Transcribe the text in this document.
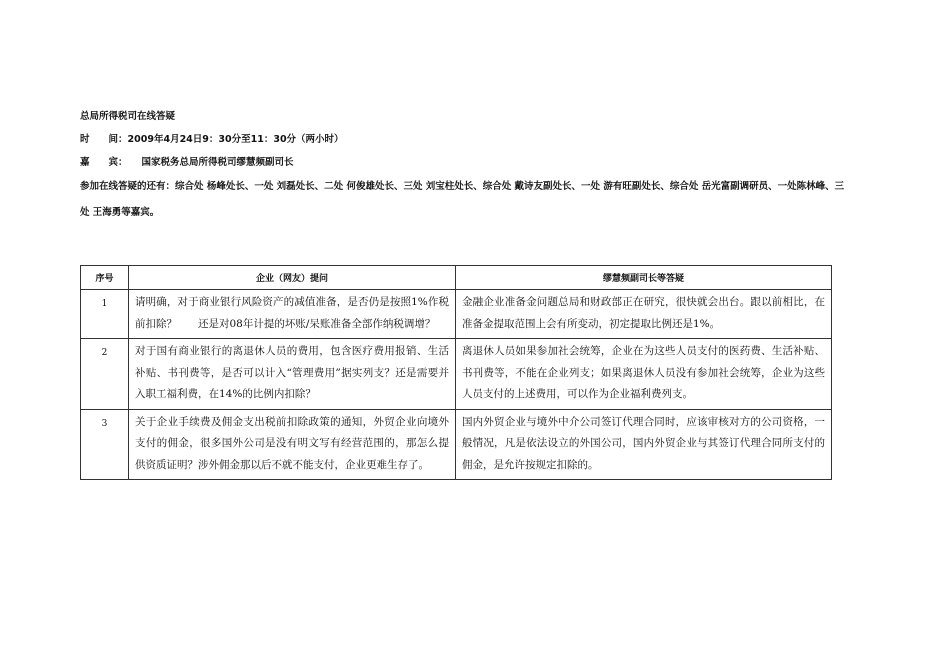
总局所得税司在线答疑

时　　间：2009年4月24日9：30分至11：30分（两小时）

嘉　　宾： 国家税务总局所得税司缪慧频副司长

参加在线答疑的还有：综合处 杨峰处长、一处 刘磊处长、二处 何俊雄处长、三处 刘宝柱处长、综合处 戴诗友副处长、一处 游有旺副处长、综合处 岳光富副调研员、一处陈林峰、三处 王海勇等嘉宾。

序号	企业（网友）提问	缪慧频副司长等答疑
1	请明确，对于商业银行风险资产的减值准备，是否仍是按照1%作税前扣除？　　还是对08年计提的坏账/呆账准备全部作纳税调增？	金融企业准备金问题总局和财政部正在研究，很快就会出台。跟以前相比，在准备金提取范围上会有所变动，初定提取比例还是1%。
2	对于国有商业银行的离退休人员的费用，包含医疗费用报销、生活补贴、书刊费等，是否可以计入“管理费用”据实列支？还是需要并入职工福利费，在14%的比例内扣除？	离退休人员如果参加社会统筹，企业在为这些人员支付的医药费、生活补贴、书刊费等，不能在企业列支；如果离退休人员没有参加社会统筹，企业为这些人员支付的上述费用，可以作为企业福利费列支。
3	关于企业手续费及佣金支出税前扣除政策的通知，外贸企业向境外支付的佣金，很多国外公司是没有明文写有经营范围的，那怎么提供资质证明？涉外佣金那以后不就不能支付，企业更难生存了。	国内外贸企业与境外中介公司签订代理合同时，应该审核对方的公司资格，一般情况，凡是依法设立的外国公司，国内外贸企业与其签订代理合同所支付的佣金，是允许按规定扣除的。
